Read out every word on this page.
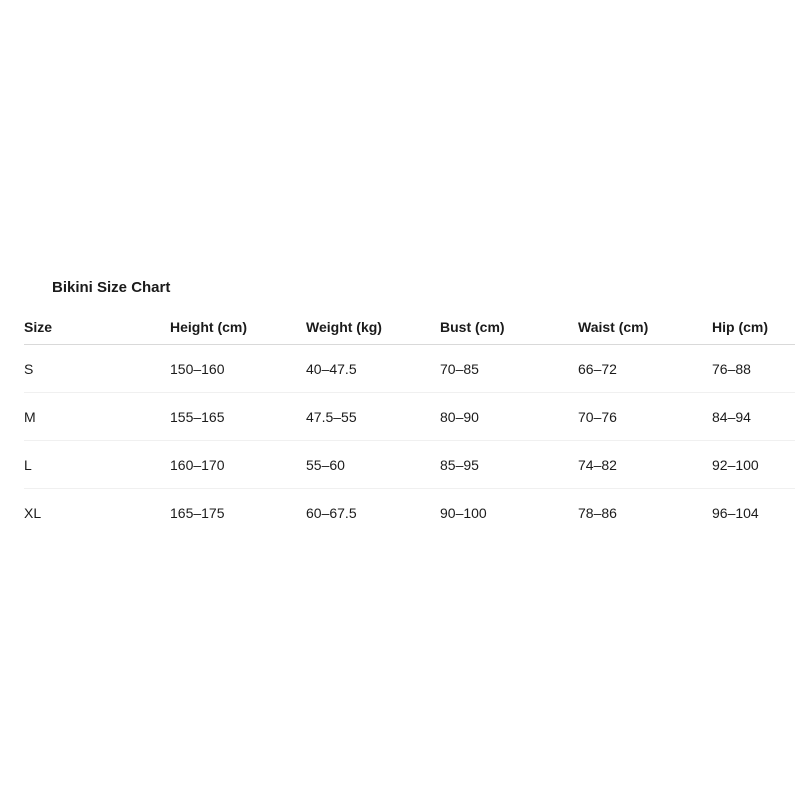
Bikini Size Chart
Size	Height (cm)	Weight (kg)	Bust (cm)	Waist (cm)	Hip (cm)
S	150–160	40–47.5	70–85	66–72	76–88
M	155–165	47.5–55	80–90	70–76	84–94
L	160–170	55–60	85–95	74–82	92–100
XL	165–175	60–67.5	90–100	78–86	96–104
